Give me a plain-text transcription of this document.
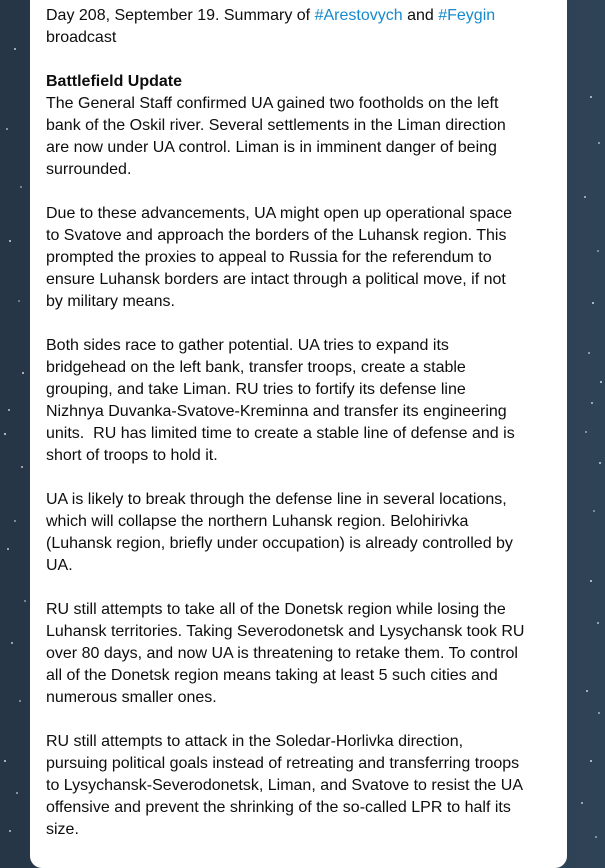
Day 208, September 19. Summary of #Arestovych and #Feygin
broadcast
Battlefield Update
The General Staff confirmed UA gained two footholds on the left
bank of the Oskil river. Several settlements in the Liman direction
are now under UA control. Liman is in imminent danger of being
surrounded.
Due to these advancements, UA might open up operational space
to Svatove and approach the borders of the Luhansk region. This
prompted the proxies to appeal to Russia for the referendum to
ensure Luhansk borders are intact through a political move, if not
by military means.
Both sides race to gather potential. UA tries to expand its
bridgehead on the left bank, transfer troops, create a stable
grouping, and take Liman. RU tries to fortify its defense line
Nizhnya Duvanka-Svatove-Kreminna and transfer its engineering
units.  RU has limited time to create a stable line of defense and is
short of troops to hold it.
UA is likely to break through the defense line in several locations,
which will collapse the northern Luhansk region. Belohirivka
(Luhansk region, briefly under occupation) is already controlled by
UA.
RU still attempts to take all of the Donetsk region while losing the
Luhansk territories. Taking Severodonetsk and Lysychansk took RU
over 80 days, and now UA is threatening to retake them. To control
all of the Donetsk region means taking at least 5 such cities and
numerous smaller ones.
RU still attempts to attack in the Soledar-Horlivka direction,
pursuing political goals instead of retreating and transferring troops
to Lysychansk-Severodonetsk, Liman, and Svatove to resist the UA
offensive and prevent the shrinking of the so-called LPR to half its
size.
